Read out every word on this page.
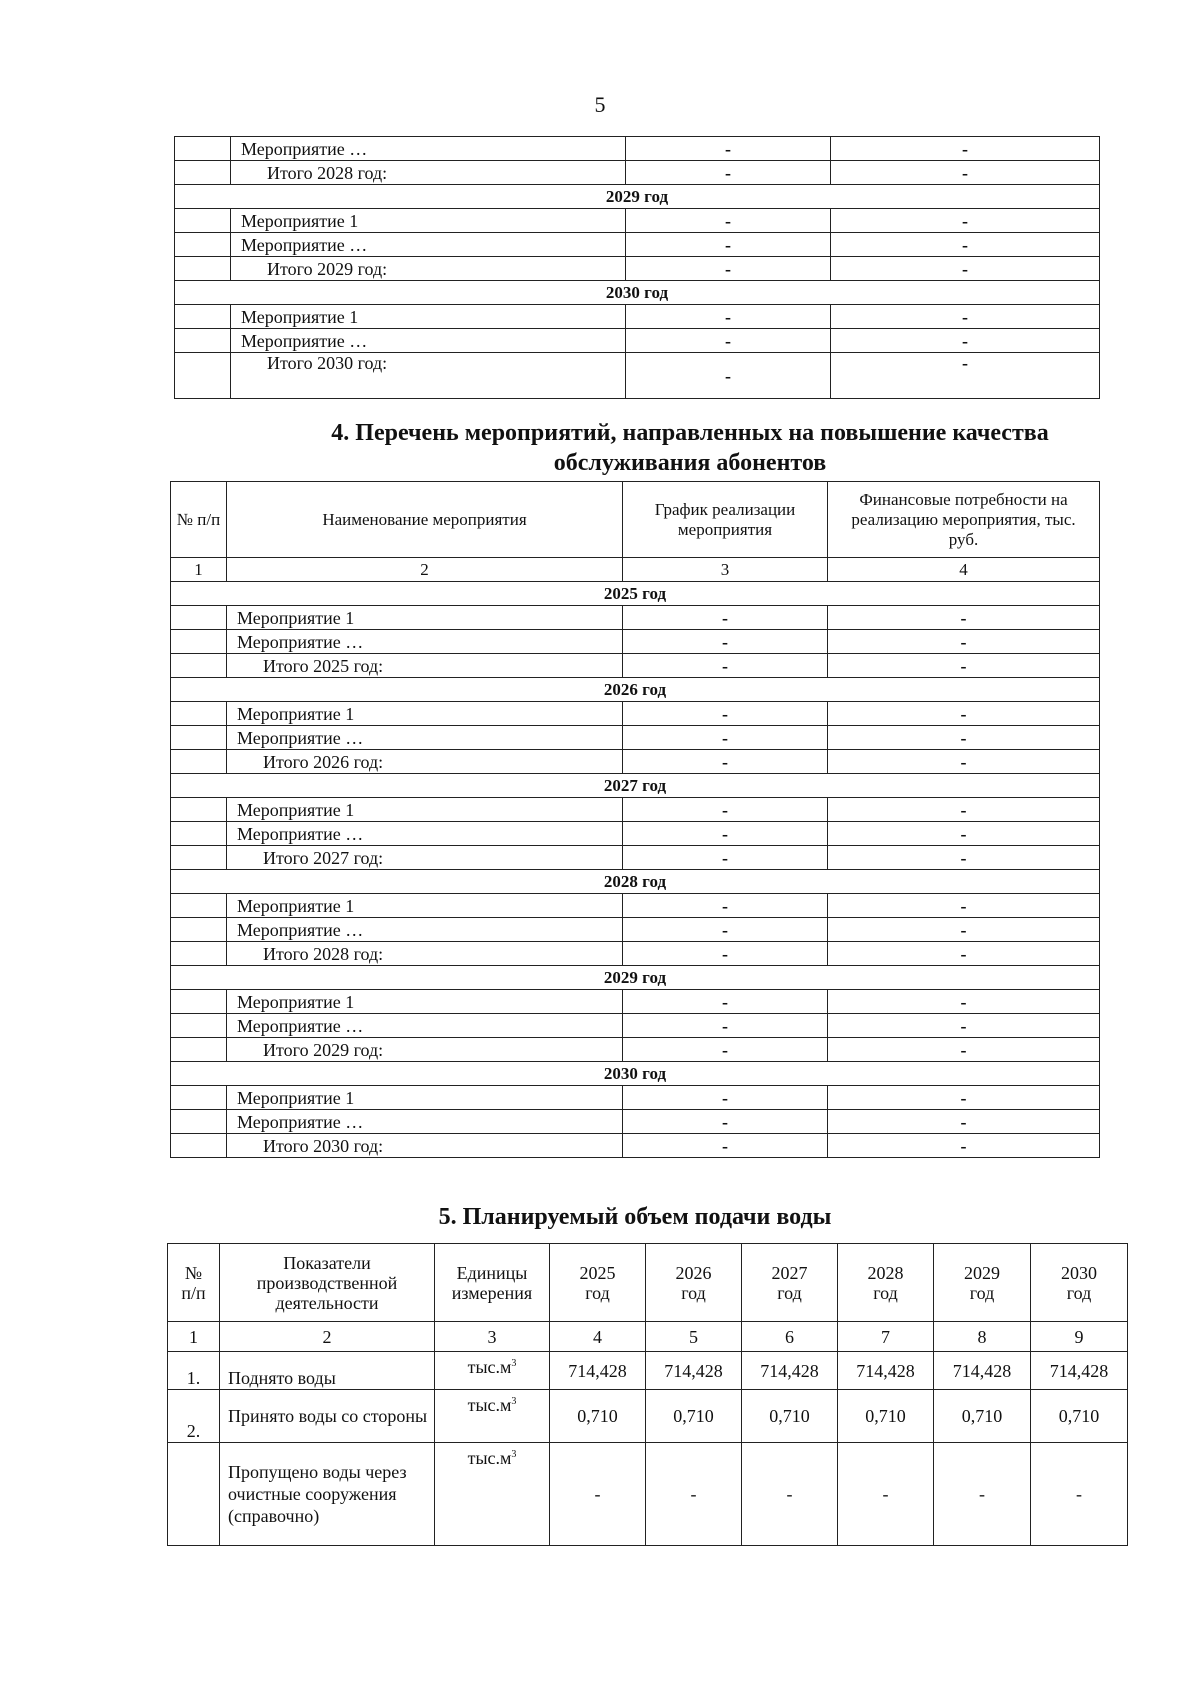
5
	Мероприятие …	-	-
	Итого 2028 год:	-	-
2029 год			
	Мероприятие 1	-	-
	Мероприятие …	-	-
	Итого 2029 год:	-	-
2030 год			
	Мероприятие 1	-	-
	Мероприятие …	-	-
	Итого 2030 год:	-	-
4. Перечень мероприятий, направленных на повышение качества
обслуживания абонентов
№ п/п	Наименование мероприятия	График реализации мероприятия	Финансовые потребности на реализацию мероприятия, тыс. руб.
1	2	3	4
2025 год			
	Мероприятие 1	-	-
	Мероприятие …	-	-
	Итого 2025 год:	-	-
2026 год			
	Мероприятие 1	-	-
	Мероприятие …	-	-
	Итого 2026 год:	-	-
2027 год			
	Мероприятие 1	-	-
	Мероприятие …	-	-
	Итого 2027 год:	-	-
2028 год			
	Мероприятие 1	-	-
	Мероприятие …	-	-
	Итого 2028 год:	-	-
2029 год			
	Мероприятие 1	-	-
	Мероприятие …	-	-
	Итого 2029 год:	-	-
2030 год			
	Мероприятие 1	-	-
	Мероприятие …	-	-
	Итого 2030 год:	-	-
5. Планируемый объем подачи воды
№ п/п	Показатели производственной деятельности	Единицы измерения	2025 год	2026 год	2027 год	2028 год	2029 год	2030 год
1	2	3	4	5	6	7	8	9
1.	Поднято воды	$тыс.м^3$	714,428	714,428	714,428	714,428	714,428	714,428
2.	Принято воды со стороны	$тыс.м^3$	0,710	0,710	0,710	0,710	0,710	0,710
	Пропущено воды через очистные сооружения (справочно)	$тыс.м^3$	-	-	-	-	-	-
